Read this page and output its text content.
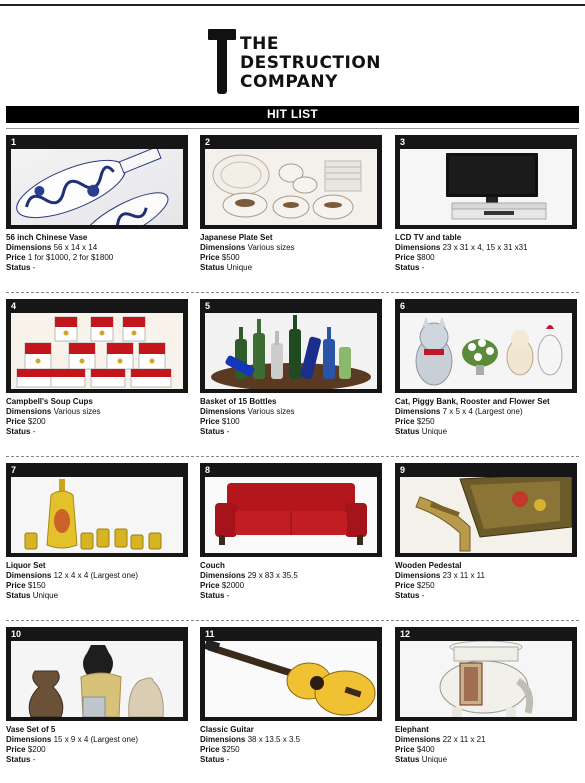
THE
DESTRUCTION
COMPANY
HIT LIST
1
56 inch Chinese Vase
Dimensions 56 x 14 x 14
Price 1 for $1000, 2 for $1800
Status -
2
Japanese Plate Set
Dimensions Various sizes
Price $500
Status Unique
3
LCD TV and table
Dimensions 23 x 31 x 4, 15 x 31 x31
Price $800
Status -
4
Campbell's Soup Cups
Dimensions Various sizes
Price $200
Status -
5
Basket of 15 Bottles
Dimensions Various sizes
Price $100
Status -
6
Cat, Piggy Bank, Rooster and Flower Set
Dimensions 7 x 5 x 4 (Largest one)
Price $250
Status Unique
7
Liquor Set
Dimensions 12 x 4 x 4 (Largest one)
Price $150
Status Unique
8
Couch
Dimensions 29 x 83 x 35.5
Price $2000
Status -
9
Wooden Pedestal
Dimensions 23 x 11 x 11
Price $250
Status -
10
Vase Set of 5
Dimensions 15 x 9 x 4 (Largest one)
Price $200
Status -
11
Classic Guitar
Dimensions 38 x 13.5 x 3.5
Price $250
Status -
12
Elephant
Dimensions 22 x 11 x 21
Price $400
Status Unique
